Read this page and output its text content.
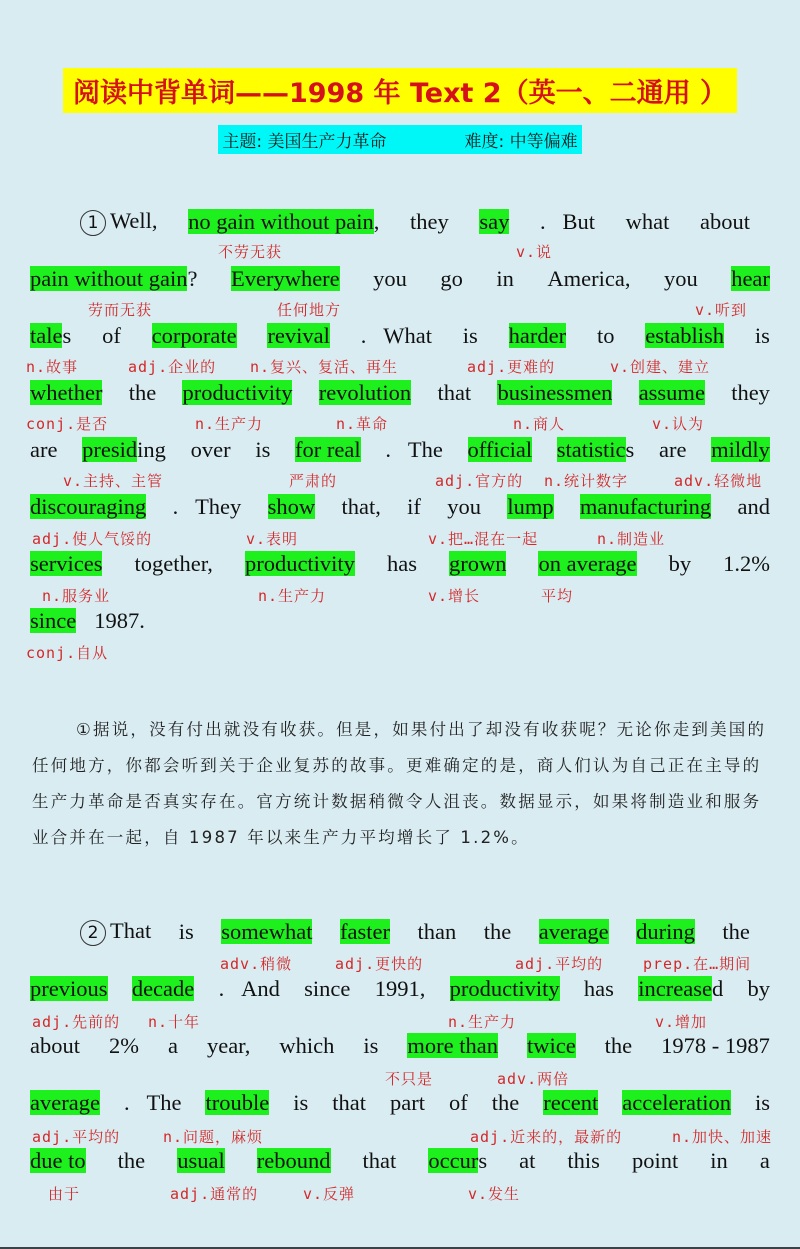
阅读中背单词——1998 年 Text 2（英一、二通用 ）
主题: 美国生产力革命	难度: 中等偏难
1 Well, no gain without pain, they say .   But what about
pain without gain? Everywhere you go in America, you hear
tales of corporate revival .   What is harder to establish is
whether the productivity revolution that businessmen assume they
are presiding over is for real .   The official statistics are mildly
discouraging .   They show that, if you lump manufacturing and
services together, productivity has grown on average by 1.2%
since 1987.
不劳无获	v.说
劳而无获	任何地方	v.听到
n.故事	adj.企业的 n.复兴、复活、再生	adj.更难的	v.创建、建立
conj.是否	n.生产力	n.革命	n.商人	v.认为
v.主持、主管	严肃的	adj.官方的 n.统计数字	adv.轻微地
adj.使人气馁的	v.表明	v.把…混在一起	n.制造业
n.服务业	n.生产力	v.增长	平均
conj.自从
①据说，没有付出就没有收获。但是，如果付出了却没有收获呢？无论你走到美国的任何地方，你都会听到关于企业复苏的故事。更难确定的是，商人们认为自己正在主导的生产力革命是否真实存在。官方统计数据稍微令人沮丧。数据显示，如果将制造业和服务业合并在一起，自 1987 年以来生产力平均增长了 1.2%。
2 That is somewhat faster than the average during the
previous decade .   And since 1991, productivity has increased by
about 2% a year, which is more than twice the 1978 - 1987
average .   The trouble is that part of the recent acceleration is
due to the usual rebound that occurs at this point in a
adv.稍微	adj.更快的	adj.平均的	prep.在…期间
adj.先前的 n.十年	n.生产力	v.增加
不只是	adv.两倍
adj.平均的	n.问题，麻烦	adj.近来的，最新的	n.加快、加速
由于	adj.通常的	v.反弹	v.发生
